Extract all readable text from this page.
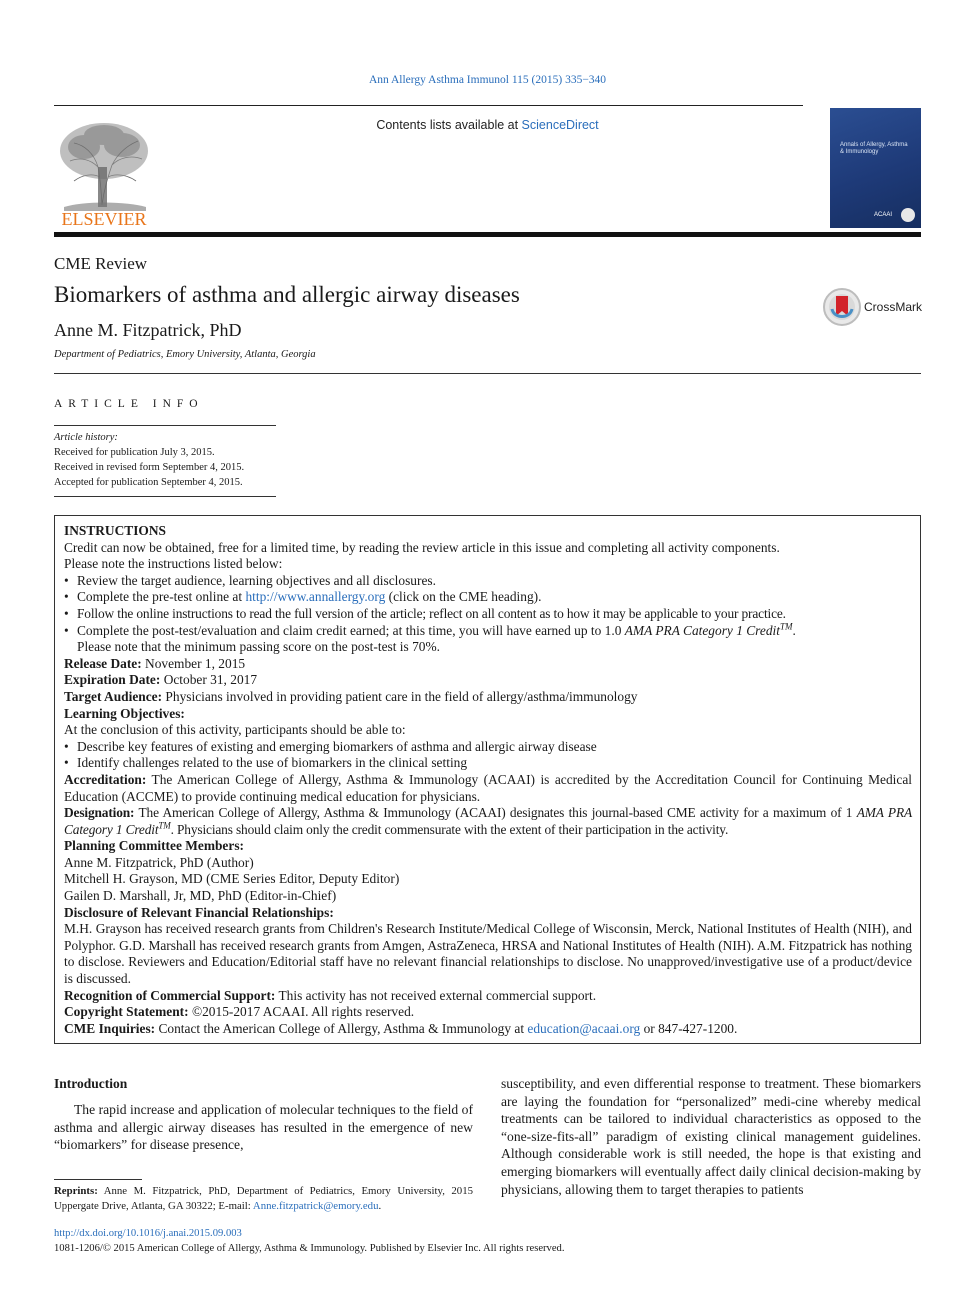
Ann Allergy Asthma Immunol 115 (2015) 335−340
ELSEVIER
Contents lists available at ScienceDirect
Annals of Allergy, Asthma
& Immunology
ACAAI
CME Review
Biomarkers of asthma and allergic airway diseases
Anne M. Fitzpatrick, PhD
Department of Pediatrics, Emory University, Atlanta, Georgia
CrossMark
ARTICLE INFO
Article history:
Received for publication July 3, 2015.
Received in revised form September 4, 2015.
Accepted for publication September 4, 2015.

INSTRUCTIONS

Credit can now be obtained, free for a limited time, by reading the review article in this issue and completing all activity components.

Please note the instructions listed below:

• Review the target audience, learning objectives and all disclosures.

• Complete the pre-test online at http://www.annallergy.org (click on the CME heading).

• Follow the online instructions to read the full version of the article; reflect on all content as to how it may be applicable to your practice.

• Complete the post-test/evaluation and claim credit earned; at this time, you will have earned up to 1.0 AMA PRA Category 1 Credit™.

Please note that the minimum passing score on the post-test is 70%.

Release Date: November 1, 2015

Expiration Date: October 31, 2017

Target Audience: Physicians involved in providing patient care in the field of allergy/asthma/immunology

Learning Objectives:

At the conclusion of this activity, participants should be able to:

• Describe key features of existing and emerging biomarkers of asthma and allergic airway disease

• Identify challenges related to the use of biomarkers in the clinical setting

Accreditation: The American College of Allergy, Asthma & Immunology (ACAAI) is accredited by the Accreditation Council for Continuing Medical Education (ACCME) to provide continuing medical education for physicians.

Designation: The American College of Allergy, Asthma & Immunology (ACAAI) designates this journal-based CME activity for a maximum of 1 AMA PRA Category 1 Credit™. Physicians should claim only the credit commensurate with the extent of their participation in the activity.

Planning Committee Members:

Anne M. Fitzpatrick, PhD (Author)

Mitchell H. Grayson, MD (CME Series Editor, Deputy Editor)

Gailen D. Marshall, Jr, MD, PhD (Editor-in-Chief)

Disclosure of Relevant Financial Relationships:

M.H. Grayson has received research grants from Children's Research Institute/Medical College of Wisconsin, Merck, National Institutes of Health (NIH), and Polyphor. G.D. Marshall has received research grants from Amgen, AstraZeneca, HRSA and National Institutes of Health (NIH). A.M. Fitzpatrick has nothing to disclose. Reviewers and Education/Editorial staff have no relevant financial relationships to disclose. No unapproved/investigative use of a product/device is discussed.

Recognition of Commercial Support: This activity has not received external commercial support.

Copyright Statement: ©2015-2017 ACAAI. All rights reserved.

CME Inquiries: Contact the American College of Allergy, Asthma & Immunology at education@acaai.org or 847-427-1200.

Introduction
The rapid increase and application of molecular techniques to the field of asthma and allergic airway diseases has resulted in the emergence of new “biomarkers” for disease presence,
susceptibility, and even differential response to treatment. These biomarkers are laying the foundation for “personalized” medi-cine whereby medical treatments can be tailored to individual characteristics as opposed to the “one-size-fits-all” paradigm of existing clinical management guidelines. Although considerable work is still needed, the hope is that existing and emerging biomarkers will eventually affect daily clinical decision-making by physicians, allowing them to target therapies to patients
Reprints: Anne M. Fitzpatrick, PhD, Department of Pediatrics, Emory University, 2015 Uppergate Drive, Atlanta, GA 30322; E-mail: Anne.fitzpatrick@emory.edu.
http://dx.doi.org/10.1016/j.anai.2015.09.003
1081-1206/© 2015 American College of Allergy, Asthma & Immunology. Published by Elsevier Inc. All rights reserved.
